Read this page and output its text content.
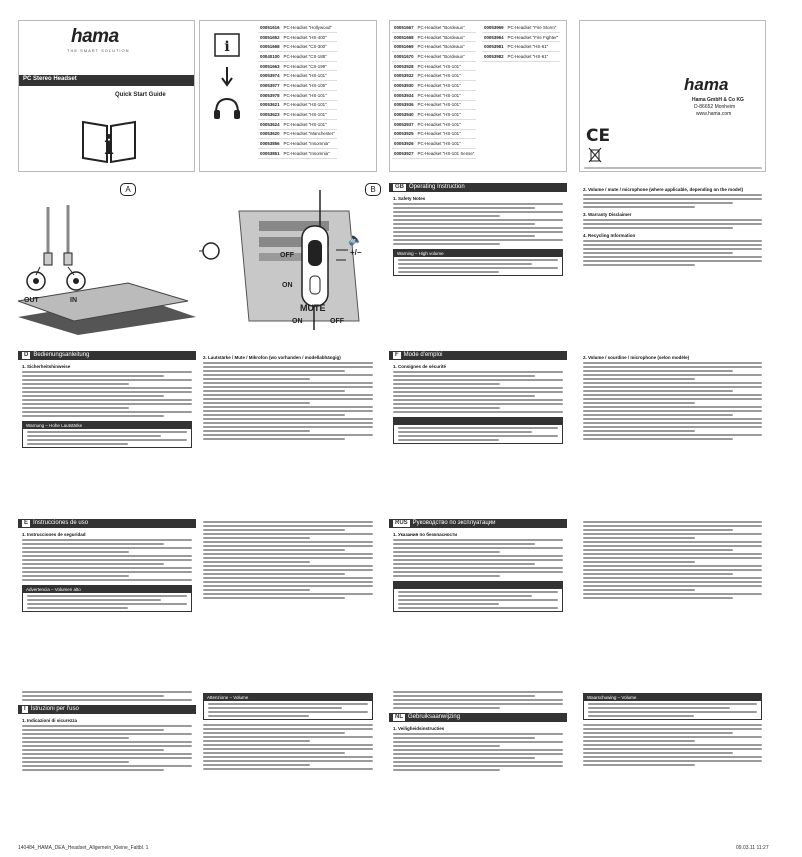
hama
THE SMART SOLUTION
PC Stereo Headset
Quick Start Guide
i
i
00051616	PC-Headset "Hollywood"
00051652	PC-Headset "HS-400"
00051668	PC-Headset "CS-300"
00040100	PC-Headset "CS-188"
00051663	PC-Headset "CS-199"
00053974	PC-Headset "HS-101"
00053977	PC-Headset "HS-105"
00053978	PC-Headset "HS-101"
00053621	PC-Headset "HS-101"
00053623	PC-Headset "HS-101"
00053624	PC-Headset "HS-101"
00053620	PC-Headset "Manchester"
00053856	PC-Headset "Insomnia"
00053851	PC-Headset "Insomnia"
00051667	PC-Headset "Bordeaux"
00051668	PC-Headset "Bordeaux"
00051669	PC-Headset "Bordeaux"
00051670	PC-Headset "Bordeaux"
00053928	PC-Headset "HS-101"
00053932	PC-Headset "HS-101"
00053930	PC-Headset "HS-101"
00053934	PC-Headset "HS-101"
00053936	PC-Headset "HS-101"
00053940	PC-Headset "HS-101"
00053937	PC-Headset "HS-101"
00053925	PC-Headset "HS-101"
00053926	PC-Headset "HS-101"
00053927	PC-Headset "HS-101 Sense"
00053969	PC-Headset "Fire Storm"
00053964	PC-Headset "Fire Fighter"
00053981	PC-Headset "HS-61"
00053982	PC-Headset "HS-61"
hama
Hama GmbH & Co KG
D-86652 Monheim
www.hama.com
CE
A
OUT	IN
B
OFF
ON
+/−
🔈
MUTE
ON	OFF
GB Operating Instruction
1. Safety Notes
Warning – High volume
2. Volume / mute / microphone (where applicable, depending on the model)
3. Warranty Disclaimer
4. Recycling Information
D Bedienungsanleitung
1. Sicherheitshinweise
Warnung – Hohe Lautstärke
2. Lautstärke / Mute / Mikrofon (wo vorhanden / modellabhängig)	F Mode d'emploi
1. Consignes de sécurité

2. Volume / sourdine / microphone (selon modèle)
E Instrucciones de uso
1. Instrucciones de seguridad
Advertencia – Volumen alto
RUS Руководство по эксплуатации
1. Указания по безопасности

I Istruzioni per l'uso
1. Indicazioni di sicurezza
Attenzione – Volume
NL Gebruiksaanwijzing
1. Veiligheidsinstructies
Waarschuwing – Volume
140484_HAMA_DEA_Headset_Allgemein_Kleine_Faltbl. 1	09.03.11 11:27
